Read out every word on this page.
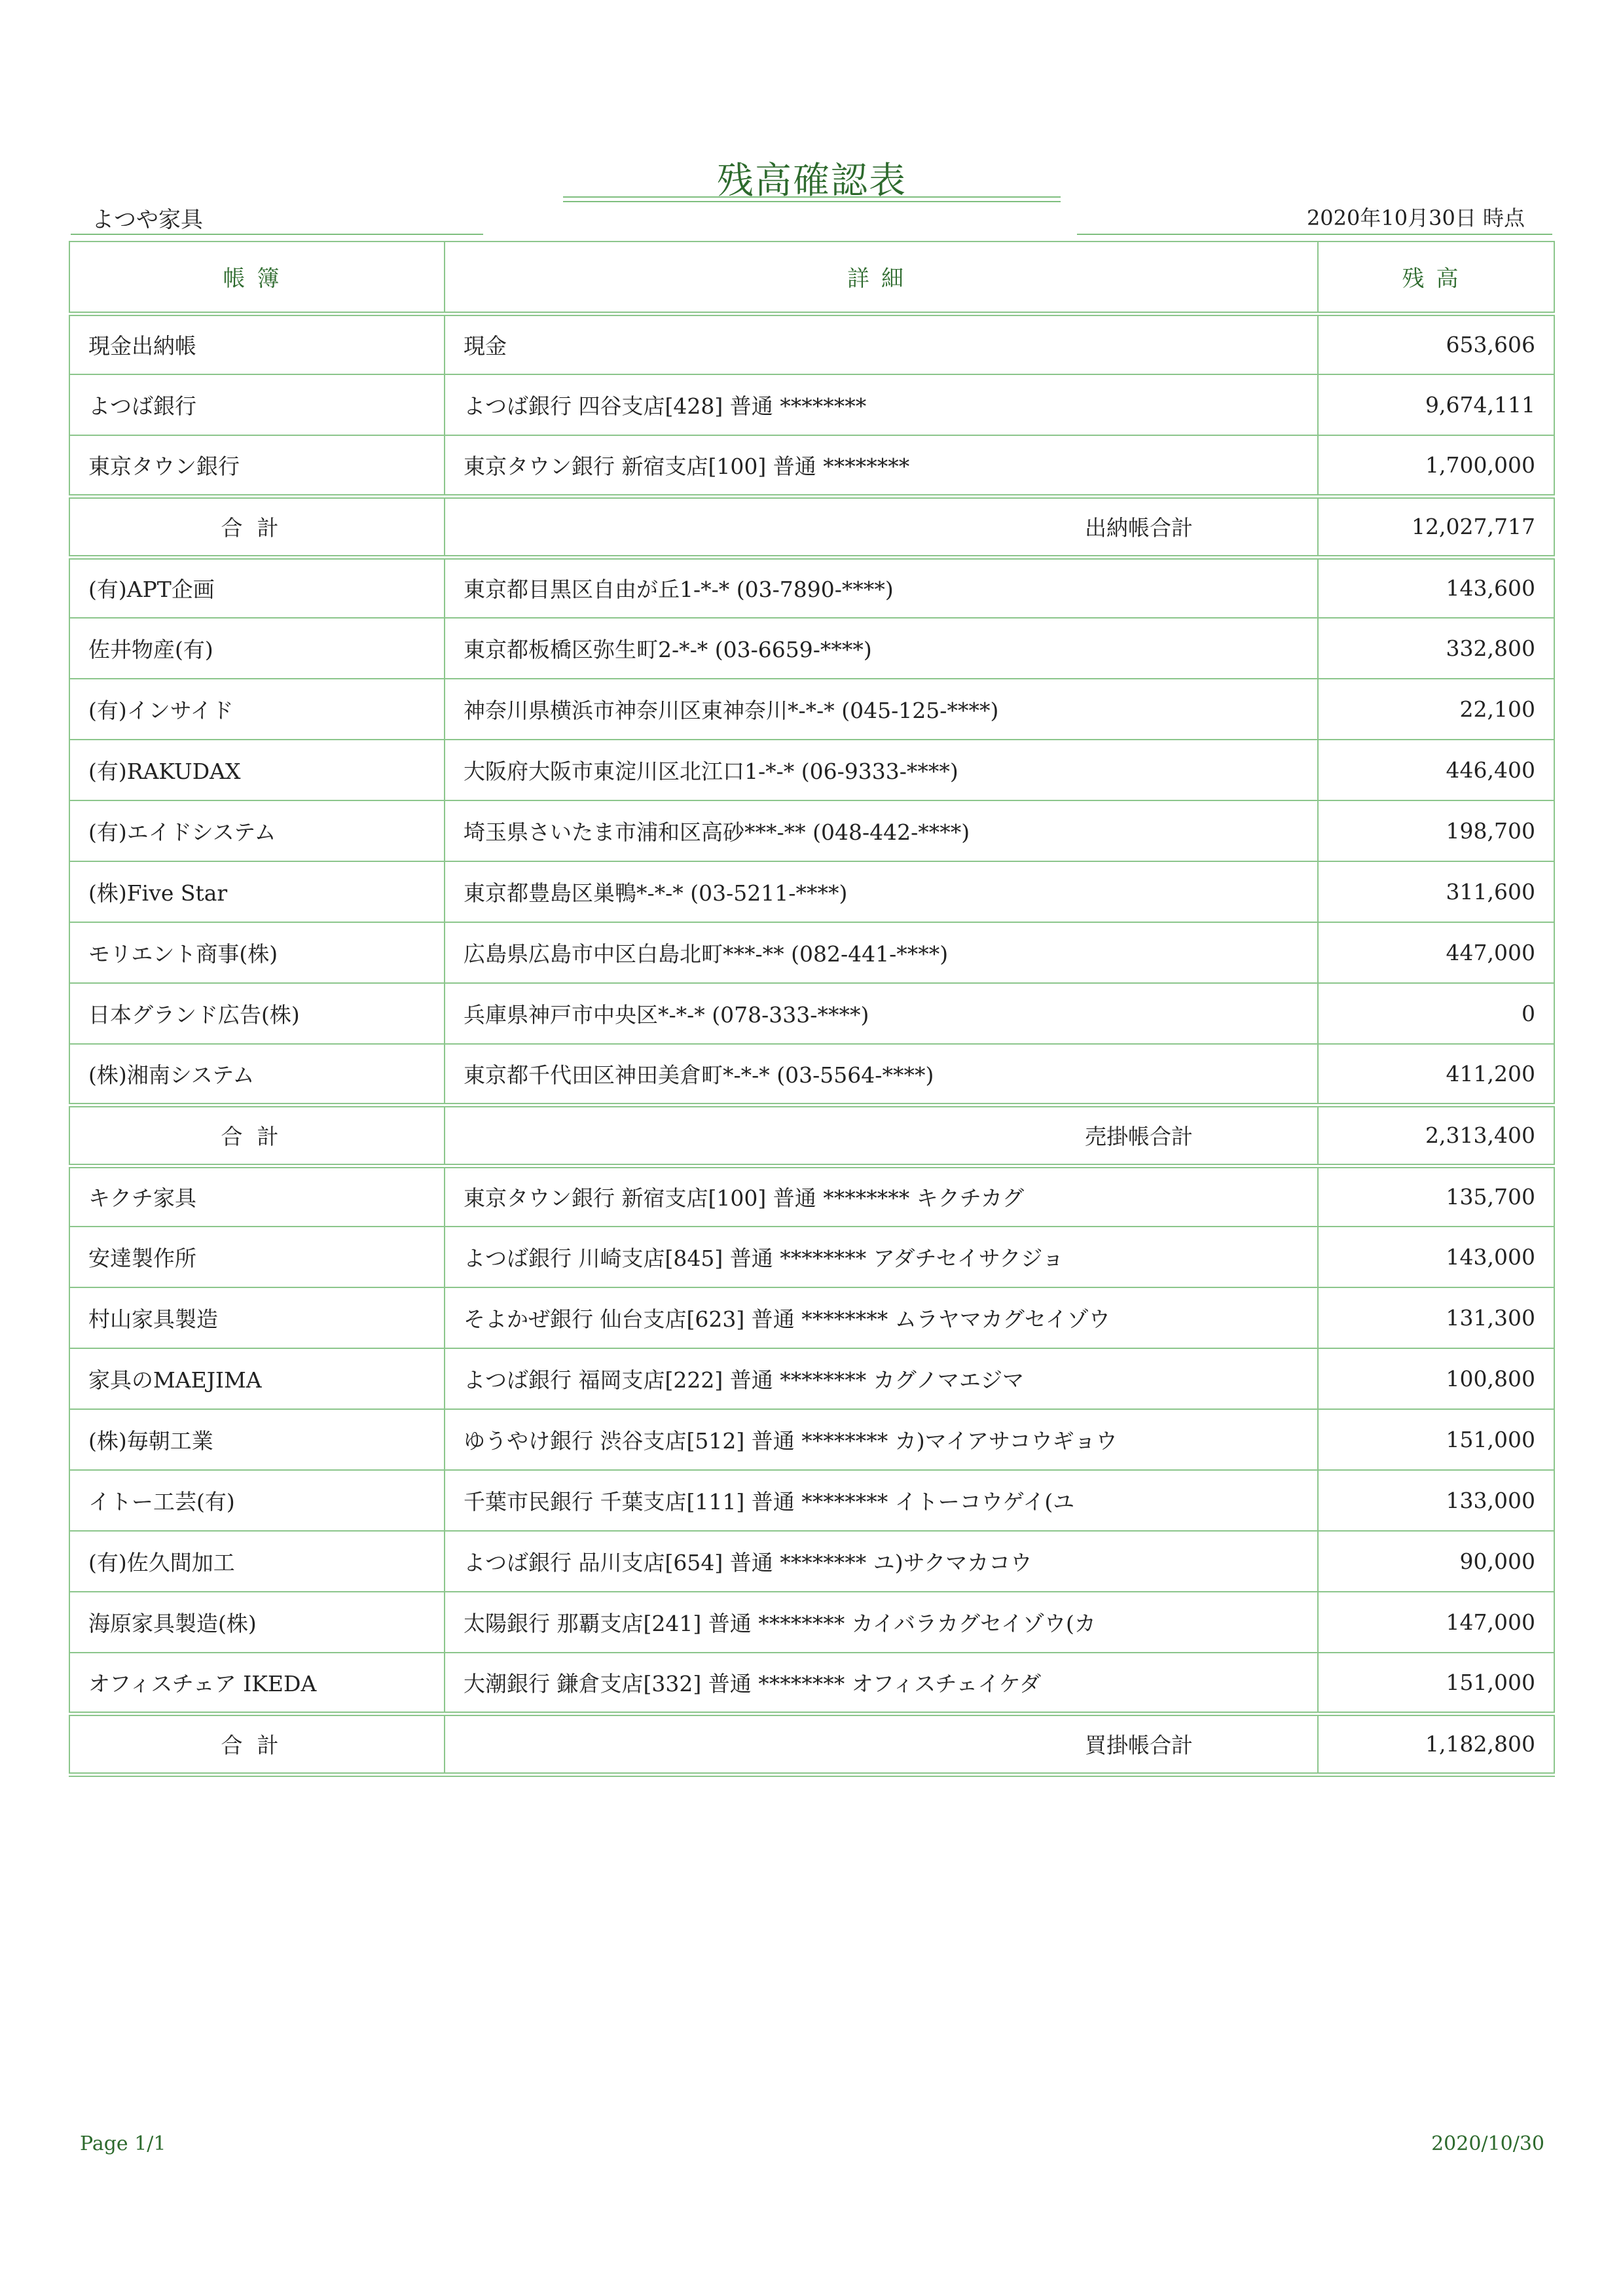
残高確認表
よつや家具	2020年10月30日 時点
帳簿	詳細	残高
現金出納帳	現金	653,606
よつば銀行	よつば銀行 四谷支店[428] 普通 ********	9,674,111
東京タウン銀行	東京タウン銀行 新宿支店[100] 普通 ********	1,700,000
合計	出納帳合計	12,027,717
(有)APT企画	東京都目黒区自由が丘1-*-* (03-7890-****)	143,600
佐井物産(有)	東京都板橋区弥生町2-*-* (03-6659-****)	332,800
(有)インサイド	神奈川県横浜市神奈川区東神奈川*-*-* (045-125-****)	22,100
(有)RAKUDAX	大阪府大阪市東淀川区北江口1-*-* (06-9333-****)	446,400
(有)エイドシステム	埼玉県さいたま市浦和区高砂***-** (048-442-****)	198,700
(株)Five Star	東京都豊島区巣鴨*-*-* (03-5211-****)	311,600
モリエント商事(株)	広島県広島市中区白島北町***-** (082-441-****)	447,000
日本グランド広告(株)	兵庫県神戸市中央区*-*-* (078-333-****)	0
(株)湘南システム	東京都千代田区神田美倉町*-*-* (03-5564-****)	411,200
合計	売掛帳合計	2,313,400
キクチ家具	東京タウン銀行 新宿支店[100] 普通 ******** キクチカグ	135,700
安達製作所	よつば銀行 川崎支店[845] 普通 ******** アダチセイサクジョ	143,000
村山家具製造	そよかぜ銀行 仙台支店[623] 普通 ******** ムラヤマカグセイゾウ	131,300
家具のMAEJIMA	よつば銀行 福岡支店[222] 普通 ******** カグノマエジマ	100,800
(株)毎朝工業	ゆうやけ銀行 渋谷支店[512] 普通 ******** カ)マイアサコウギョウ	151,000
イトー工芸(有)	千葉市民銀行 千葉支店[111] 普通 ******** イトーコウゲイ(ユ	133,000
(有)佐久間加工	よつば銀行 品川支店[654] 普通 ******** ユ)サクマカコウ	90,000
海原家具製造(株)	太陽銀行 那覇支店[241] 普通 ******** カイバラカグセイゾウ(カ	147,000
オフィスチェア IKEDA	大潮銀行 鎌倉支店[332] 普通 ******** オフィスチェイケダ	151,000
合計	買掛帳合計	1,182,800
Page 1/1	2020/10/30
